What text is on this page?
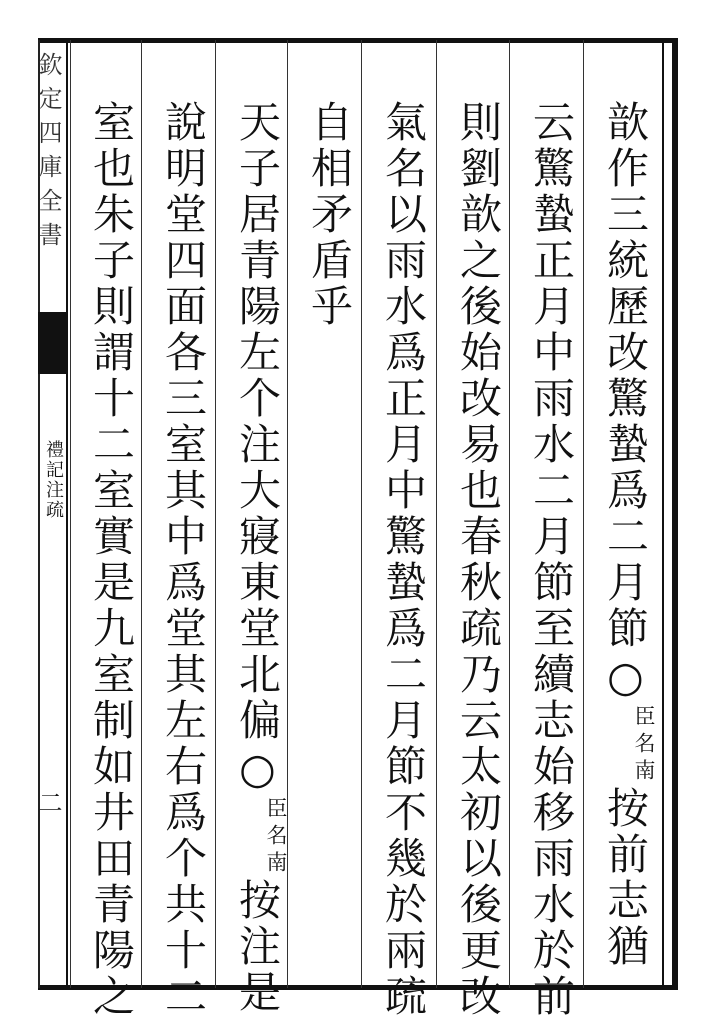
欽定四庫全書
禮記注疏
二
歆作三統歷改驚蟄爲二月節○臣名南按前志猶
云驚蟄正月中雨水二月節至續志始移雨水於前
則劉歆之後始改易也春秋疏乃云太初以後更改
氣名以雨水爲正月中驚蟄爲二月節不幾於兩疏
自相矛盾乎
天子居青陽左个注大寢東堂北偏○臣名南按注是
說明堂四面各三室其中爲堂其左右爲个共十二
室也朱子則謂十二室實是九室制如井田青陽之
